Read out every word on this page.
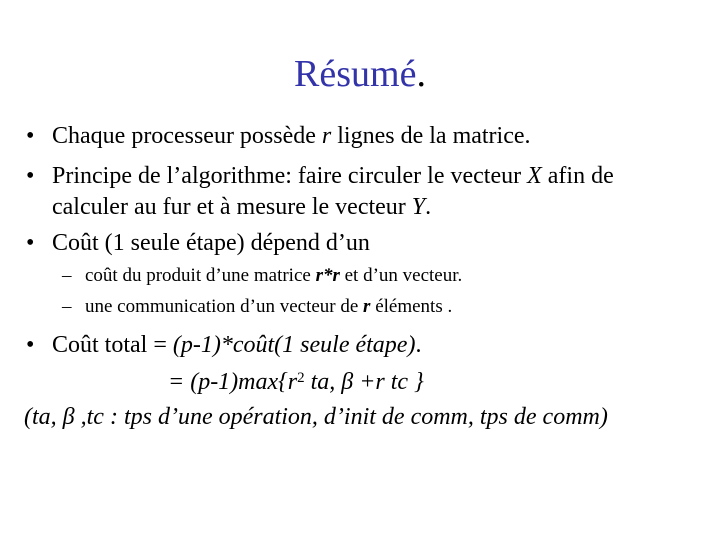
Résumé.
• Chaque processeur possède r lignes de la matrice.
• Principe de l’algorithme: faire circuler le vecteur X afin de
calculer au fur et à mesure le vecteur Y.
• Coût (1 seule étape) dépend d’un
– coût du produit d’une matrice r*r et d’un vecteur.
– une communication d’un vecteur de r éléments .
• Coût total = (p-1)*coût(1 seule étape).
= $(p-1)\max\{r^2$ ta, β +r tc }
(ta, β ,tc : tps d’une opération, d’init de comm, tps de comm)
